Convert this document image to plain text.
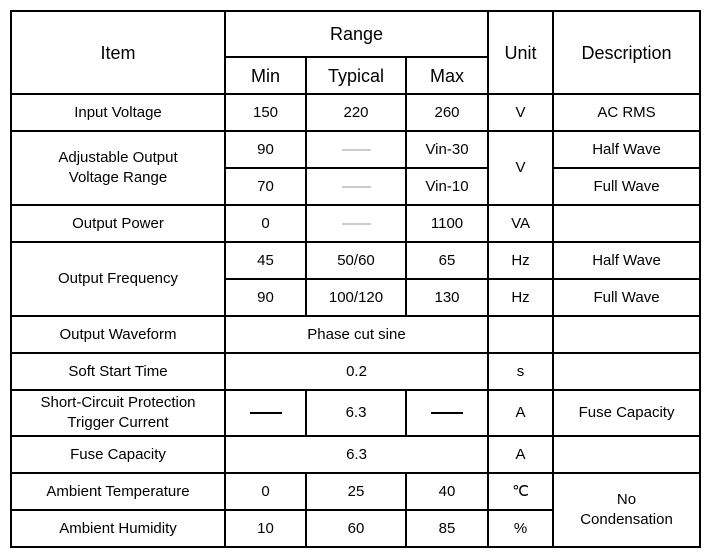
Item	Range			Unit	Description
	Min	Typical	Max		
Input Voltage	150	220	260	V	AC RMS
Adjustable Output
Voltage Range	90	——	Vin-30	V	Half Wave
	70	——	Vin-10		Full Wave
Output Power	0	——	1100	VA	
Output Frequency	45	50/60	65	Hz	Half Wave
	90	100/120	130	Hz	Full Wave
Output Waveform	Phase cut sine				
Soft Start Time	0.2			s	
Short-Circuit Protection
Trigger Current		6.3		A	Fuse Capacity
Fuse Capacity	6.3			A	
Ambient Temperature	0	25	40	℃	No
Condensation
Ambient Humidity	10	60	85	%	
